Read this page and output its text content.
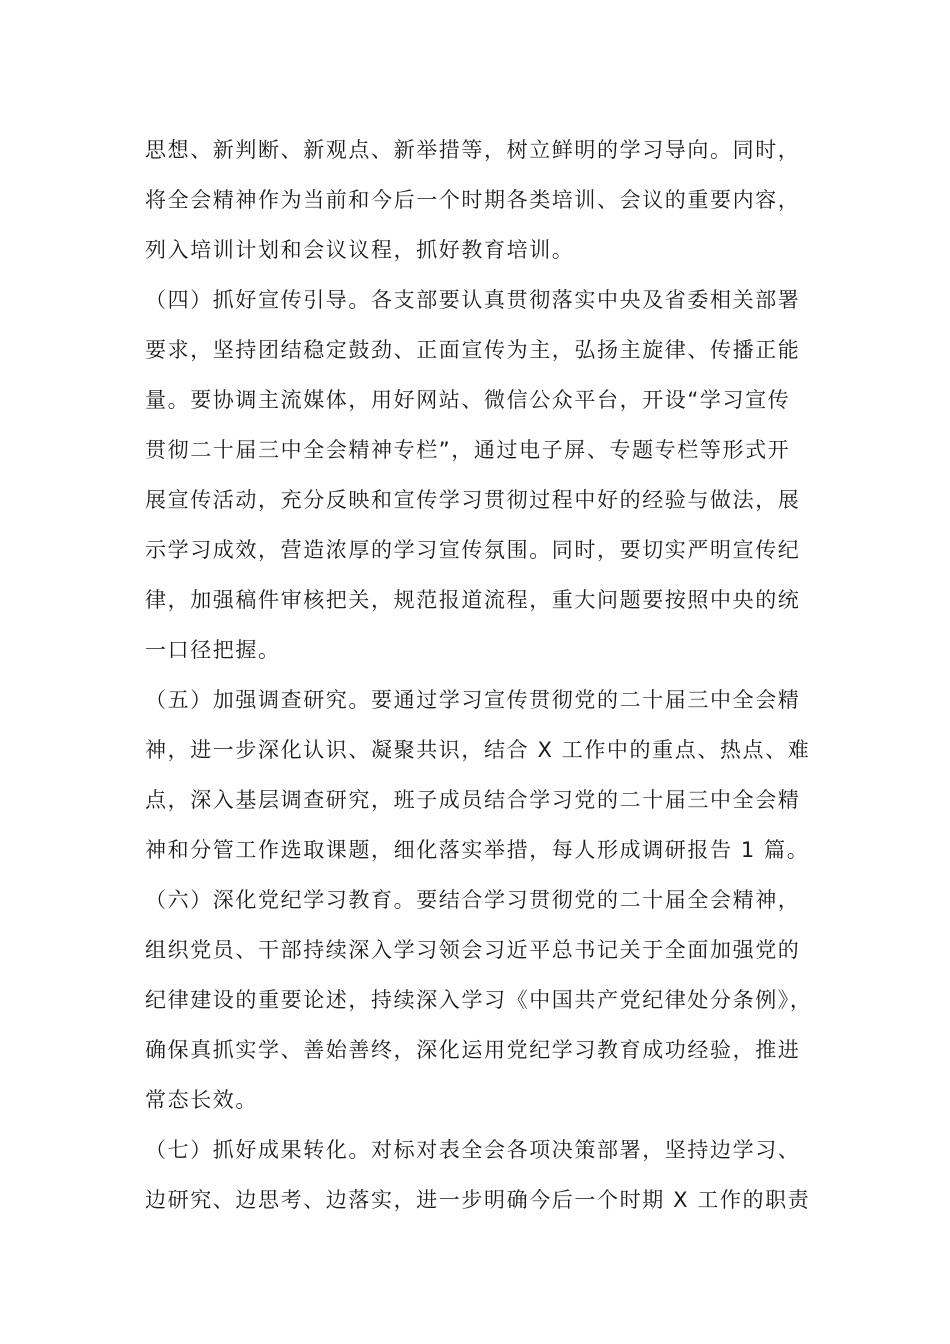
思想、新判断、新观点、新举措等，树立鲜明的学习导向。同时，
将全会精神作为当前和今后一个时期各类培训、会议的重要内容，
列入培训计划和会议议程，抓好教育培训。
（四）抓好宣传引导。各支部要认真贯彻落实中央及省委相关部署
要求，坚持团结稳定鼓劲、正面宣传为主，弘扬主旋律、传播正能
量。要协调主流媒体，用好网站、微信公众平台，开设“学习宣传
贯彻二十届三中全会精神专栏”，通过电子屏、专题专栏等形式开
展宣传活动，充分反映和宣传学习贯彻过程中好的经验与做法，展
示学习成效，营造浓厚的学习宣传氛围。同时，要切实严明宣传纪
律，加强稿件审核把关，规范报道流程，重大问题要按照中央的统
一口径把握。
（五）加强调查研究。要通过学习宣传贯彻党的二十届三中全会精
神，进一步深化认识、凝聚共识，结合 X 工作中的重点、热点、难
点，深入基层调查研究，班子成员结合学习党的二十届三中全会精
神和分管工作选取课题，细化落实举措，每人形成调研报告 1 篇。
（六）深化党纪学习教育。要结合学习贯彻党的二十届全会精神，
组织党员、干部持续深入学习领会习近平总书记关于全面加强党的
纪律建设的重要论述，持续深入学习《中国共产党纪律处分条例》，
确保真抓实学、善始善终，深化运用党纪学习教育成功经验，推进
常态长效。
（七）抓好成果转化。对标对表全会各项决策部署，坚持边学习、
边研究、边思考、边落实，进一步明确今后一个时期 X 工作的职责
